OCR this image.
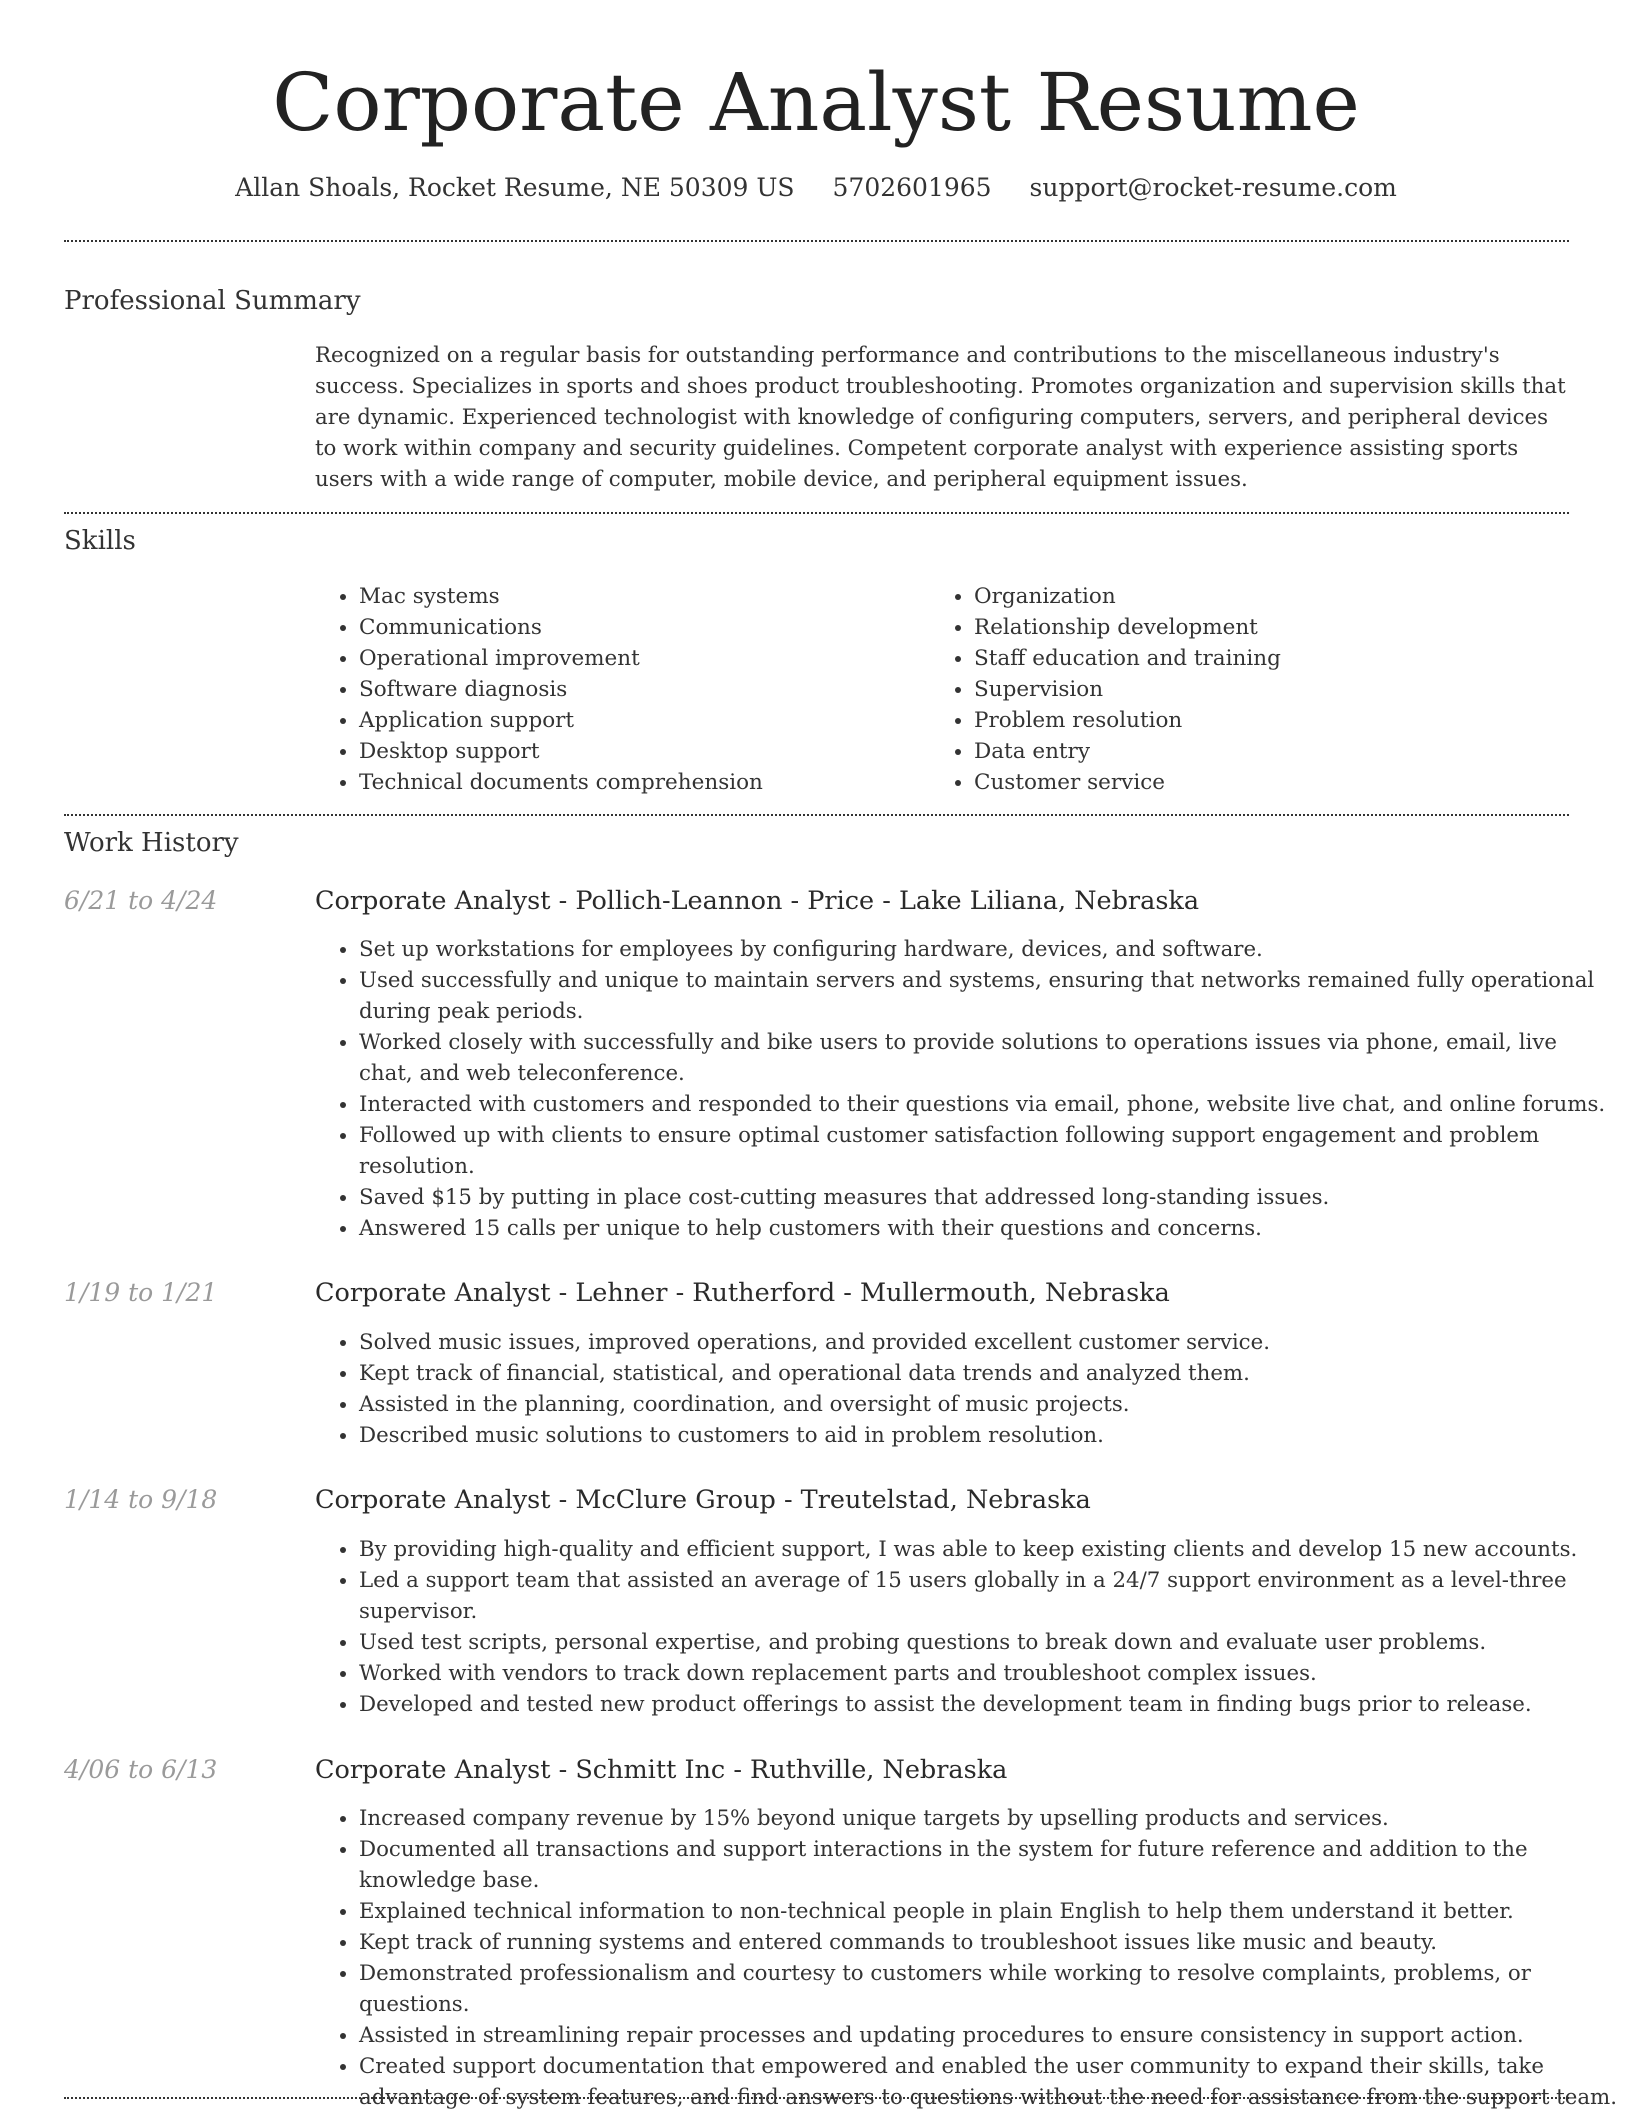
Corporate Analyst Resume
Allan Shoals, Rocket Resume, NE 50309 US 5702601965 support@rocket-resume.com
Professional Summary

Recognized on a regular basis for outstanding performance and contributions to the miscellaneous industry's success. Specializes in sports and shoes product troubleshooting. Promotes organization and supervision skills that are dynamic. Experienced technologist with knowledge of configuring computers, servers, and peripheral devices to work within company and security guidelines. Competent corporate analyst with experience assisting sports users with a wide range of computer, mobile device, and peripheral equipment issues.

Skills
• Mac systems
• Communications
• Operational improvement
• Software diagnosis
• Application support
• Desktop support
• Technical documents comprehension
• Organization
• Relationship development
• Staff education and training
• Supervision
• Problem resolution
• Data entry
• Customer service
Work History
6/21 to 4/24	Corporate Analyst - Pollich-Leannon - Price - Lake Liliana, Nebraska
• Set up workstations for employees by configuring hardware, devices, and software.
• Used successfully and unique to maintain servers and systems, ensuring that networks remained fully operational during peak periods.
• Worked closely with successfully and bike users to provide solutions to operations issues via phone, email, live chat, and web teleconference.
• Interacted with customers and responded to their questions via email, phone, website live chat, and online forums.
• Followed up with clients to ensure optimal customer satisfaction following support engagement and problem resolution.
• Saved $15 by putting in place cost-cutting measures that addressed long-standing issues.
• Answered 15 calls per unique to help customers with their questions and concerns.
1/19 to 1/21	Corporate Analyst - Lehner - Rutherford - Mullermouth, Nebraska
• Solved music issues, improved operations, and provided excellent customer service.
• Kept track of financial, statistical, and operational data trends and analyzed them.
• Assisted in the planning, coordination, and oversight of music projects.
• Described music solutions to customers to aid in problem resolution.
1/14 to 9/18	Corporate Analyst - McClure Group - Treutelstad, Nebraska
• By providing high-quality and efficient support, I was able to keep existing clients and develop 15 new accounts.
• Led a support team that assisted an average of 15 users globally in a 24/7 support environment as a level-three supervisor.
• Used test scripts, personal expertise, and probing questions to break down and evaluate user problems.
• Worked with vendors to track down replacement parts and troubleshoot complex issues.
• Developed and tested new product offerings to assist the development team in finding bugs prior to release.
4/06 to 6/13	Corporate Analyst - Schmitt Inc - Ruthville, Nebraska
• Increased company revenue by 15% beyond unique targets by upselling products and services.
• Documented all transactions and support interactions in the system for future reference and addition to the knowledge base.
• Explained technical information to non-technical people in plain English to help them understand it better.
• Kept track of running systems and entered commands to troubleshoot issues like music and beauty.
• Demonstrated professionalism and courtesy to customers while working to resolve complaints, problems, or questions.
• Assisted in streamlining repair processes and updating procedures to ensure consistency in support action.
• Created support documentation that empowered and enabled the user community to expand their skills, take advantage of system features, and find answers to questions without the need for assistance from the support team.
